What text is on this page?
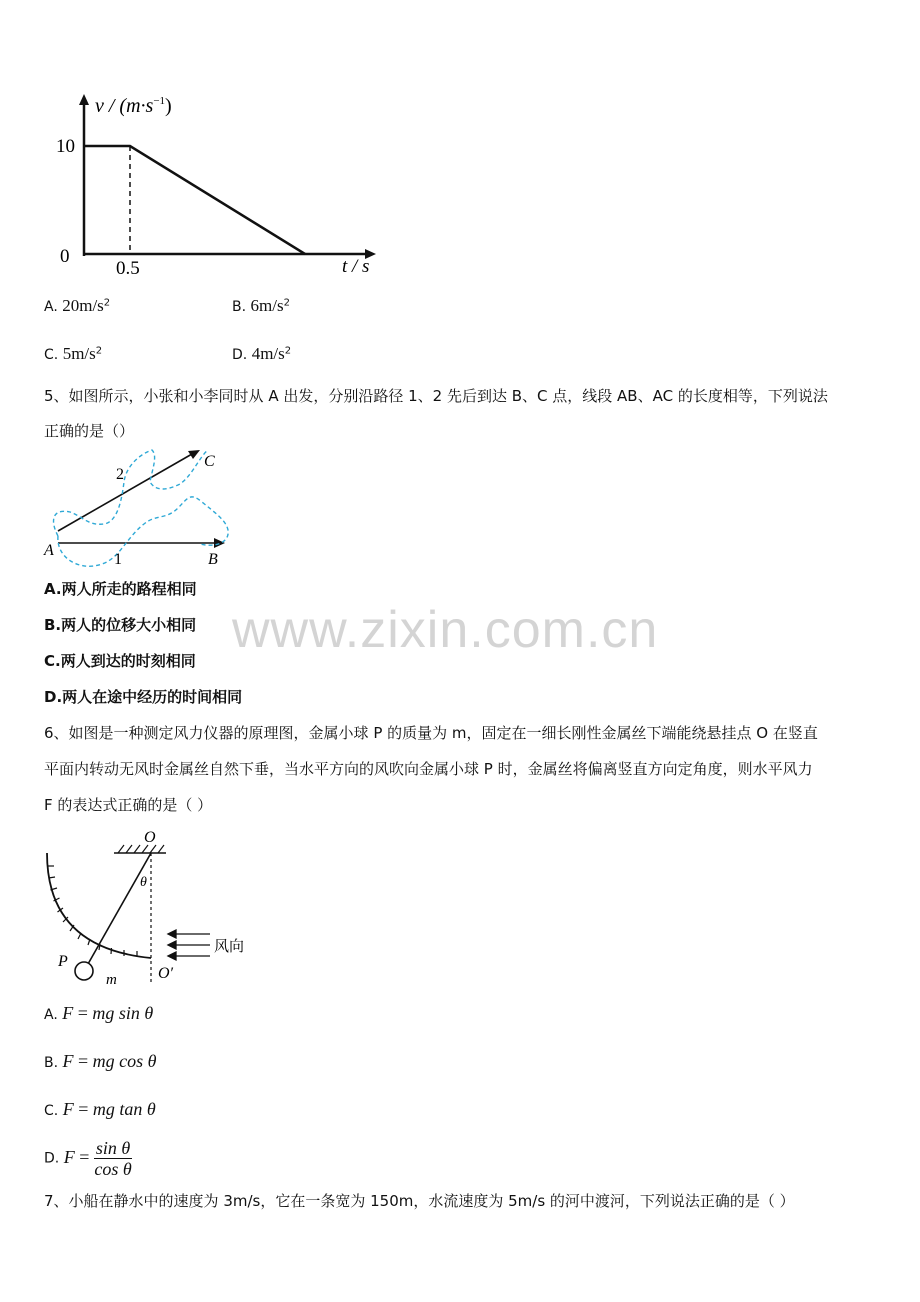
$v / (m\cdot s^{-1})$
10
0
0.5	t / s
A. $20m/s^2$	B. $6m/s^2$
C. $5m/s^2$	D. $4m/s^2$
5、如图所示，小张和小李同时从 A 出发，分别沿路径 1、2 先后到达 B、C 点，线段 AB、AC 的长度相等，下列说法
正确的是（）
A
B
C
1
2
A.两人所走的路程相同
B.两人的位移大小相同
C.两人到达的时刻相同
D.两人在途中经历的时间相同
6、如图是一种测定风力仪器的原理图，金属小球 P 的质量为 m，固定在一细长刚性金属丝下端能绕悬挂点 O 在竖直
平面内转动无风时金属丝自然下垂，当水平方向的风吹向金属小球 P 时，金属丝将偏离竖直方向定角度，则水平风力
F 的表达式正确的是（ ）
O
θ
风向
P
m	O′
A. F = mg sin θ
B. F = mg cos θ
C. F = mg tan θ
D. $F = \frac{\text{sin θ}}{\text{cos θ}}$
7、小船在静水中的速度为 3m/s，它在一条宽为 150m，水流速度为 5m/s 的河中渡河，下列说法正确的是（ ）
www.zixin.com.cn
